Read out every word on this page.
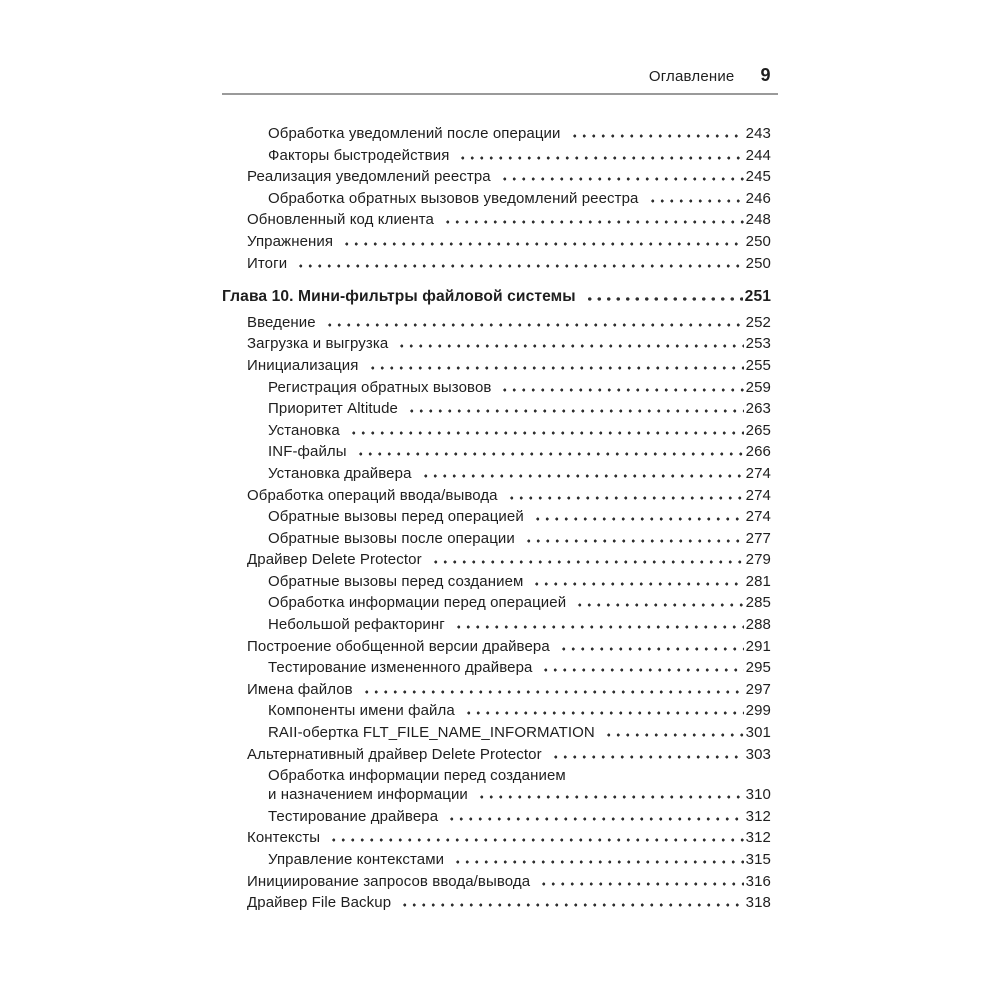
Оглавление 9
Обработка уведомлений после операции	243
Факторы быстродействия	244
Реализация уведомлений реестра	245
Обработка обратных вызовов уведомлений реестра	246
Обновленный код клиента	248
Упражнения	250
Итоги	250
Глава 10. Мини-фильтры файловой системы	251
Введение	252
Загрузка и выгрузка	253
Инициализация	255
Регистрация обратных вызовов	259
Приоритет Altitude	263
Установка	265
INF-файлы	266
Установка драйвера	274
Обработка операций ввода/вывода	274
Обратные вызовы перед операцией	274
Обратные вызовы после операции	277
Драйвер Delete Protector	279
Обратные вызовы перед созданием	281
Обработка информации перед операцией	285
Небольшой рефакторинг	288
Построение обобщенной версии драйвера	291
Тестирование измененного драйвера	295
Имена файлов	297
Компоненты имени файла	299
RAII-обертка FLT_FILE_NAME_INFORMATION	301
Альтернативный драйвер Delete Protector	303
Обработка информации перед созданием
и назначением информации	310
Тестирование драйвера	312
Контексты	312
Управление контекстами	315
Инициирование запросов ввода/вывода	316
Драйвер File Backup	318
